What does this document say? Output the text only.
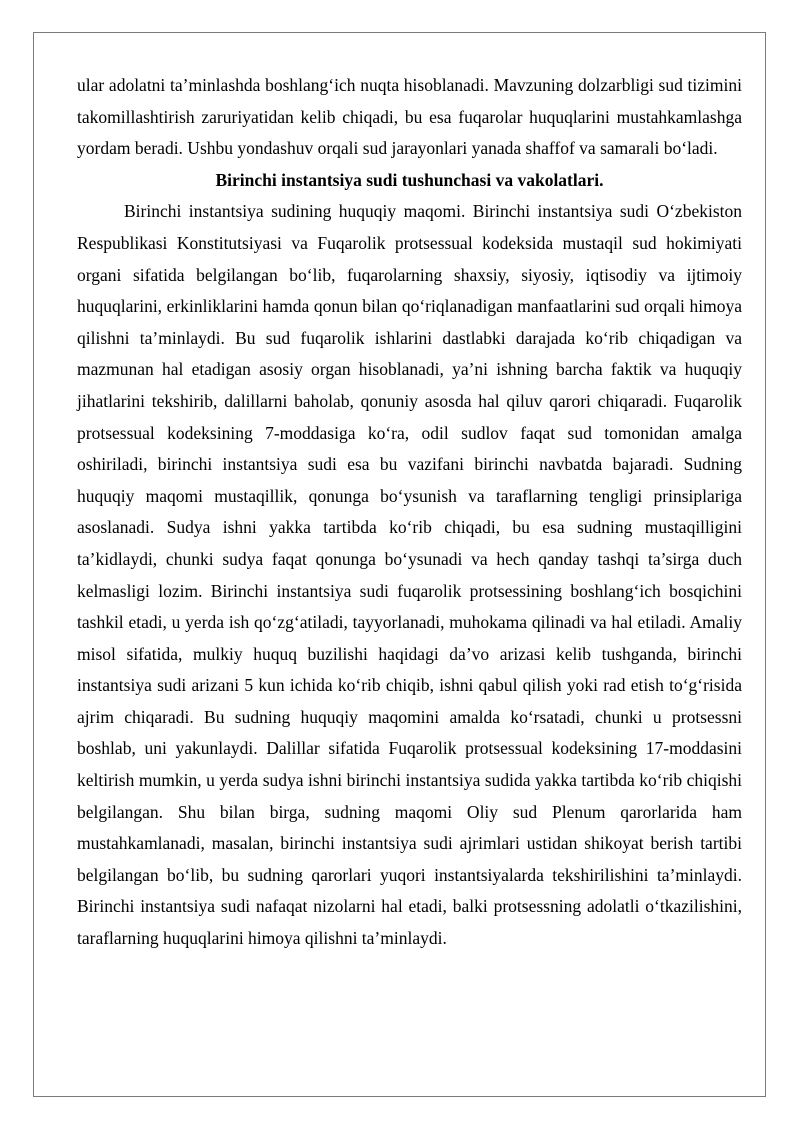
ular adolatni ta’minlashda boshlang‘ich nuqta hisoblanadi. Mavzuning dolzarbligi sud tizimini takomillashtirish zaruriyatidan kelib chiqadi, bu esa fuqarolar huquqlarini mustahkamlashga yordam beradi. Ushbu yondashuv orqali sud jarayonlari yanada shaffof va samarali bo‘ladi.

Birinchi instantsiya sudi tushunchasi va vakolatlari.

Birinchi instantsiya sudining huquqiy maqomi. Birinchi instantsiya sudi O‘zbekiston Respublikasi Konstitutsiyasi va Fuqarolik protsessual kodeksida mustaqil sud hokimiyati organi sifatida belgilangan bo‘lib, fuqarolarning shaxsiy, siyosiy, iqtisodiy va ijtimoiy huquqlarini, erkinliklarini hamda qonun bilan qo‘riqlanadigan manfaatlarini sud orqali himoya qilishni ta’minlaydi. Bu sud fuqarolik ishlarini dastlabki darajada ko‘rib chiqadigan va mazmunan hal etadigan asosiy organ hisoblanadi, ya’ni ishning barcha faktik va huquqiy jihatlarini tekshirib, dalillarni baholab, qonuniy asosda hal qiluv qarori chiqaradi. Fuqarolik protsessual kodeksining 7-moddasiga ko‘ra, odil sudlov faqat sud tomonidan amalga oshiriladi, birinchi instantsiya sudi esa bu vazifani birinchi navbatda bajaradi. Sudning huquqiy maqomi mustaqillik, qonunga bo‘ysunish va taraflarning tengligi prinsiplariga asoslanadi. Sudya ishni yakka tartibda ko‘rib chiqadi, bu esa sudning mustaqilligini ta’kidlaydi, chunki sudya faqat qonunga bo‘ysunadi va hech qanday tashqi ta’sirga duch kelmasligi lozim. Birinchi instantsiya sudi fuqarolik protsessining boshlang‘ich bosqichini tashkil etadi, u yerda ish qo‘zg‘atiladi, tayyorlanadi, muhokama qilinadi va hal etiladi. Amaliy misol sifatida, mulkiy huquq buzilishi haqidagi da’vo arizasi kelib tushganda, birinchi instantsiya sudi arizani 5 kun ichida ko‘rib chiqib, ishni qabul qilish yoki rad etish to‘g‘risida ajrim chiqaradi. Bu sudning huquqiy maqomini amalda ko‘rsatadi, chunki u protsessni boshlab, uni yakunlaydi. Dalillar sifatida Fuqarolik protsessual kodeksining 17-moddasini keltirish mumkin, u yerda sudya ishni birinchi instantsiya sudida yakka tartibda ko‘rib chiqishi belgilangan. Shu bilan birga, sudning maqomi Oliy sud Plenum qarorlarida ham mustahkamlanadi, masalan, birinchi instantsiya sudi ajrimlari ustidan shikoyat berish tartibi belgilangan bo‘lib, bu sudning qarorlari yuqori instantsiyalarda tekshirilishini ta’minlaydi. Birinchi instantsiya sudi nafaqat nizolarni hal etadi, balki protsessning adolatli o‘tkazilishini, taraflarning huquqlarini himoya qilishni ta’minlaydi.
